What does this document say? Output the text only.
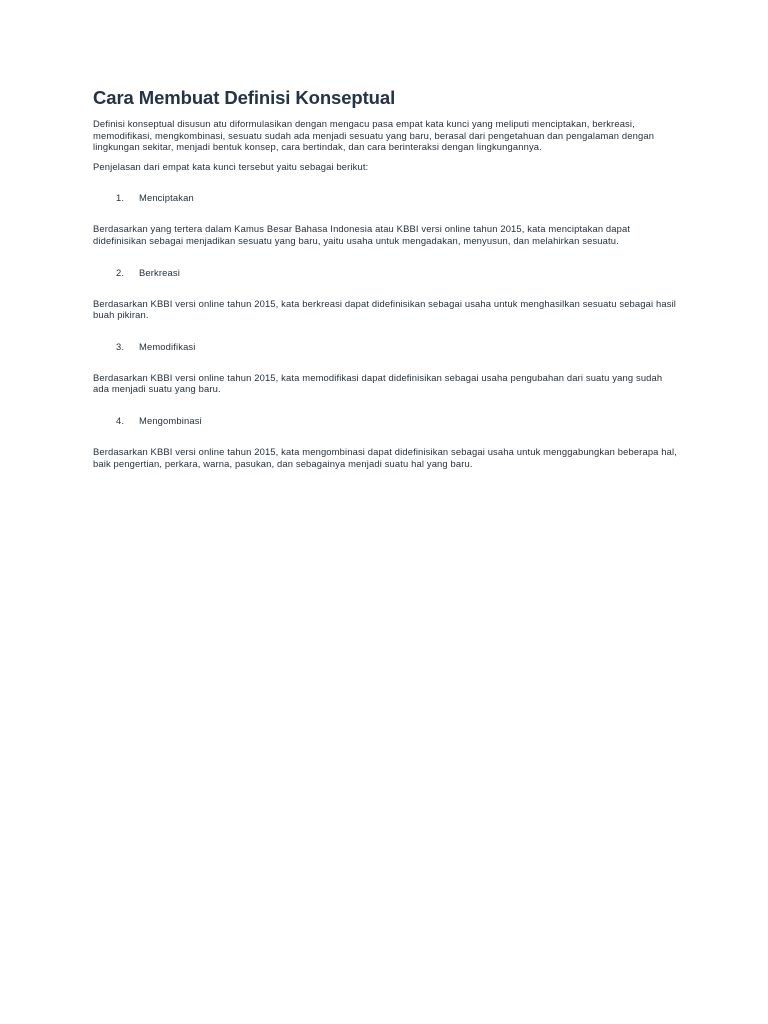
Cara Membuat Definisi Konseptual

Definisi konseptual disusun atu diformulasikan dengan mengacu pasa empat kata kunci yang meliputi menciptakan, berkreasi, memodifikasi, mengkombinasi, sesuatu sudah ada menjadi sesuatu yang baru, berasal dari pengetahuan dan pengalaman dengan lingkungan sekitar, menjadi bentuk konsep, cara bertindak, dan cara berinteraksi dengan lingkungannya.

Penjelasan dari empat kata kunci tersebut yaitu sebagai berikut:

1.	Menciptakan

Berdasarkan yang tertera dalam Kamus Besar Bahasa Indonesia atau KBBI versi online tahun 2015, kata menciptakan dapat didefinisikan sebagai menjadikan sesuatu yang baru, yaitu usaha untuk mengadakan, menyusun, dan melahirkan sesuatu.

2.	Berkreasi

Berdasarkan KBBI versi online tahun 2015, kata berkreasi dapat didefinisikan sebagai usaha untuk menghasilkan sesuatu sebagai hasil buah pikiran.

3.	Memodifikasi

Berdasarkan KBBI versi online tahun 2015, kata memodifikasi dapat didefinisikan sebagai usaha pengubahan dari suatu yang sudah ada menjadi suatu yang baru.

4.	Mengombinasi

Berdasarkan KBBI versi online tahun 2015, kata mengombinasi dapat didefinisikan sebagai usaha untuk menggabungkan beberapa hal, baik pengertian, perkara, warna, pasukan, dan sebagainya menjadi suatu hal yang baru.
